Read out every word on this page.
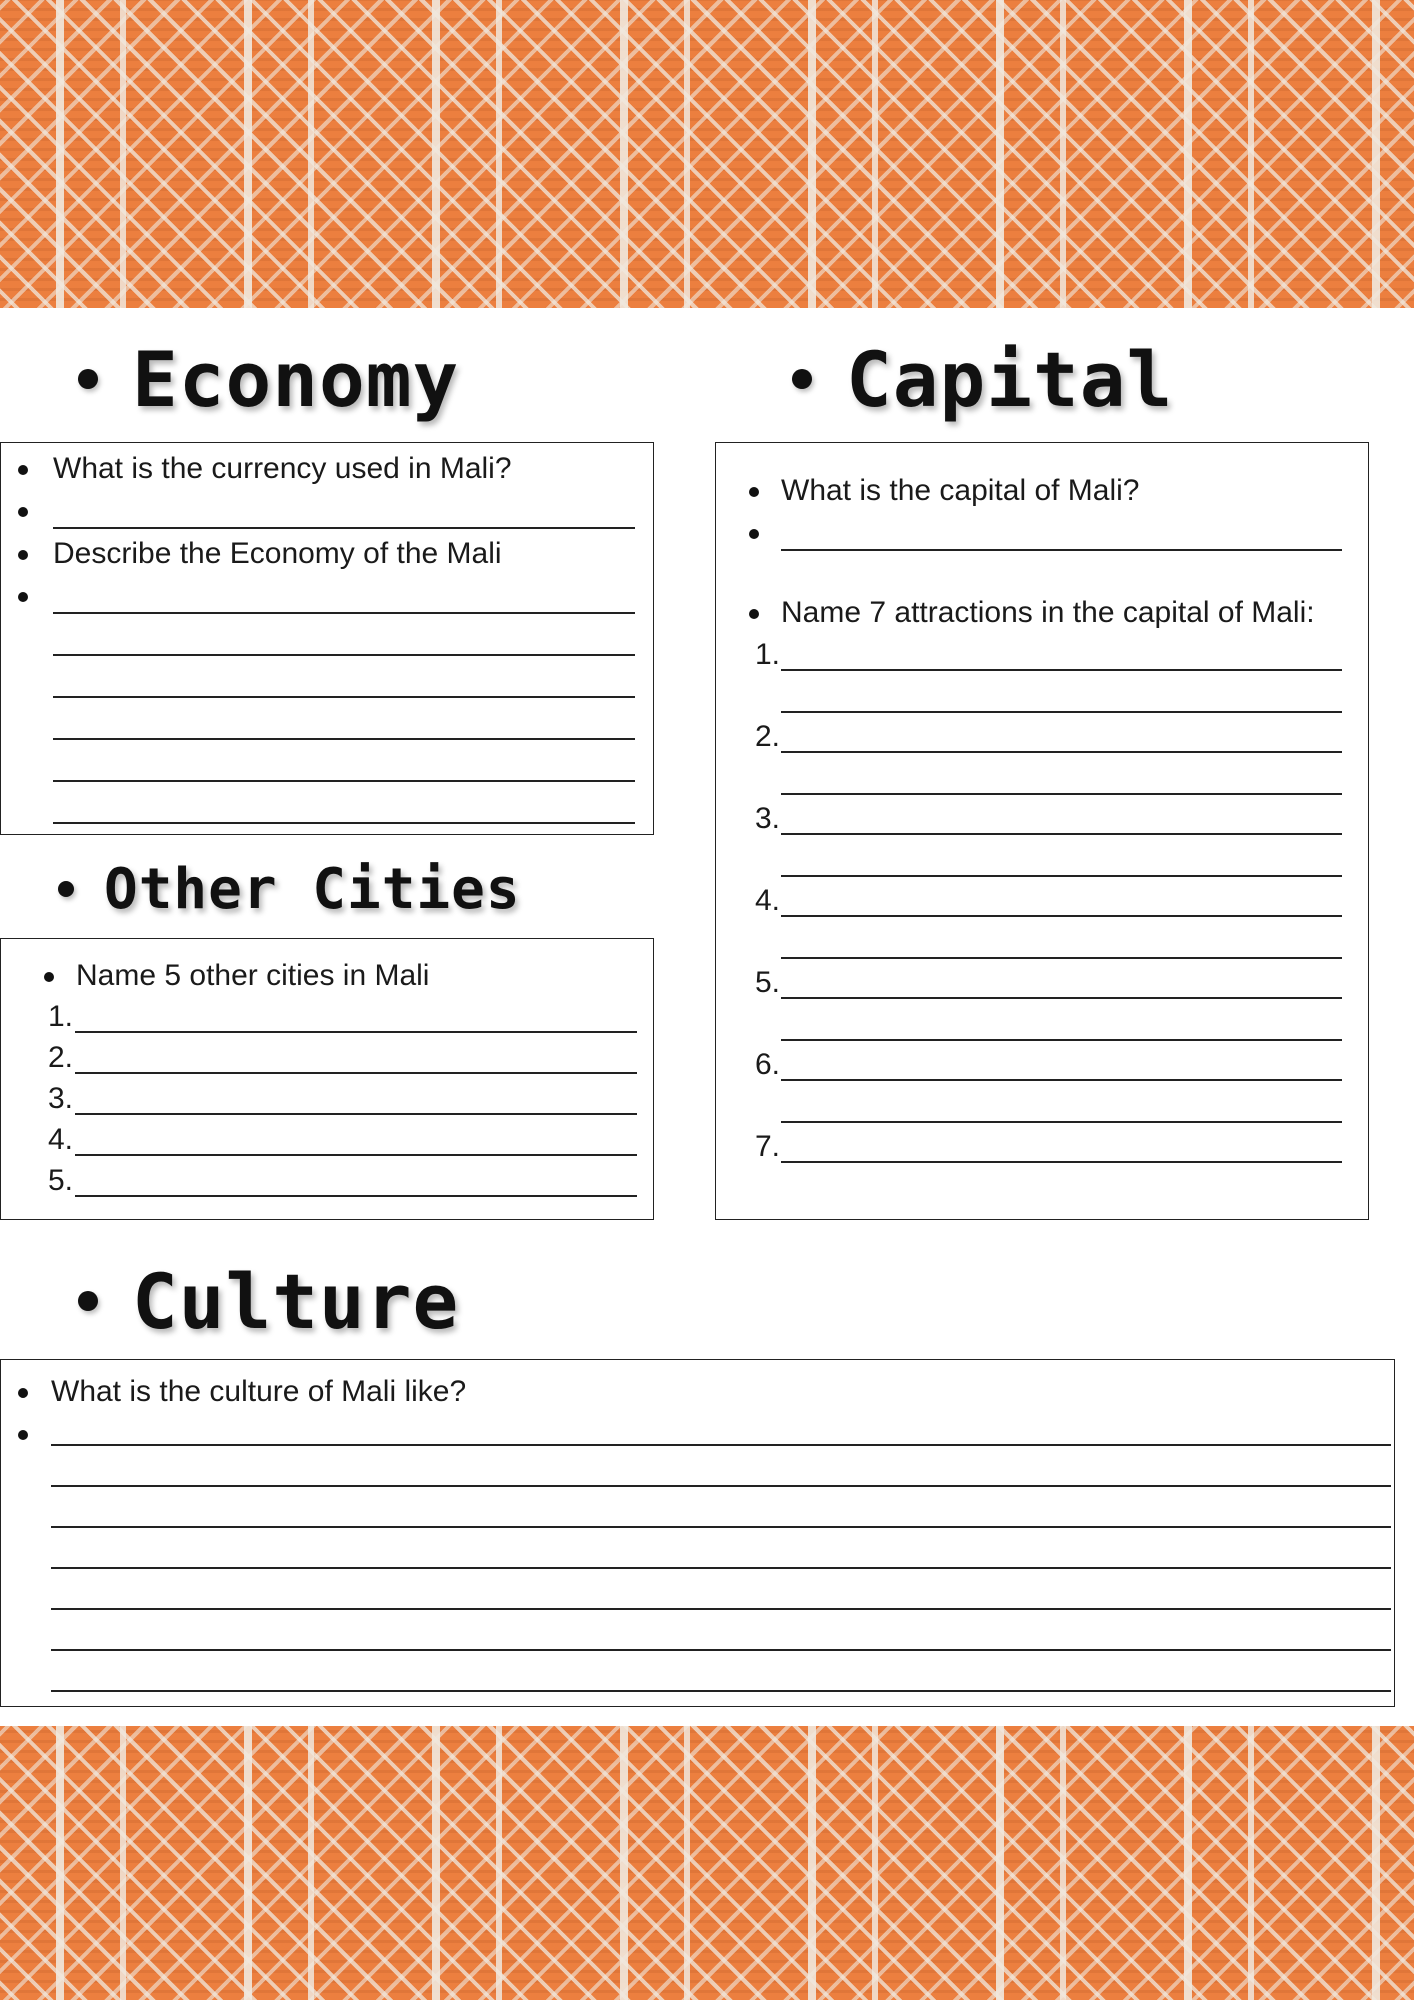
Economy
What is the currency used in Mali?
Describe the Economy of the Mali
Capital
What is the capital of Mali?
Name 7 attractions in the capital of Mali:
1.
2.
3.
4.
5.
6.
7.
Other Cities
Name 5 other cities in Mali
1.
2.
3.
4.
5.
Culture
What is the culture of Mali like?
